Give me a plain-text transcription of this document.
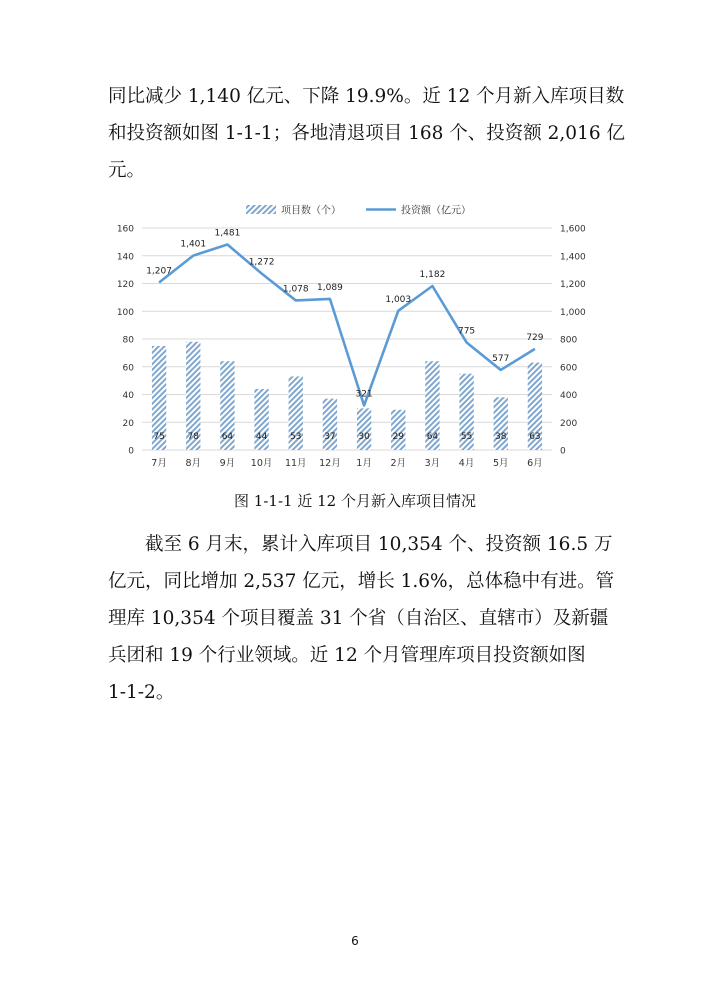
同比减少 1,140 亿元、下降 19.9%。近 12 个月新入库项目数
和投资额如图 1-1-1；各地清退项目 168 个、投资额 2,016 亿
元。
0
20
40
60
80
100
120
140
160
0
200
400
600
800
1,000
1,200
1,400
1,600
75	78	64	44	53	37	30	29	64	55	38	63
7月 8月 9月 10月 11月 12月 1月 2月 3月 4月 5月 6月
1,207
1,401
1,481
1,272
1,078 1,089
321
1,003
1,182
775
577
729
项目数（个）	投资额（亿元）
图 1-1-1 近 12 个月新入库项目情况
　　截至 6 月末，累计入库项目 10,354 个、投资额 16.5 万
亿元，同比增加 2,537 亿元，增长 1.6%，总体稳中有进。管
理库 10,354 个项目覆盖 31 个省（自治区、直辖市）及新疆
兵团和 19 个行业领域。近 12 个月管理库项目投资额如图
1-1-2。
6
